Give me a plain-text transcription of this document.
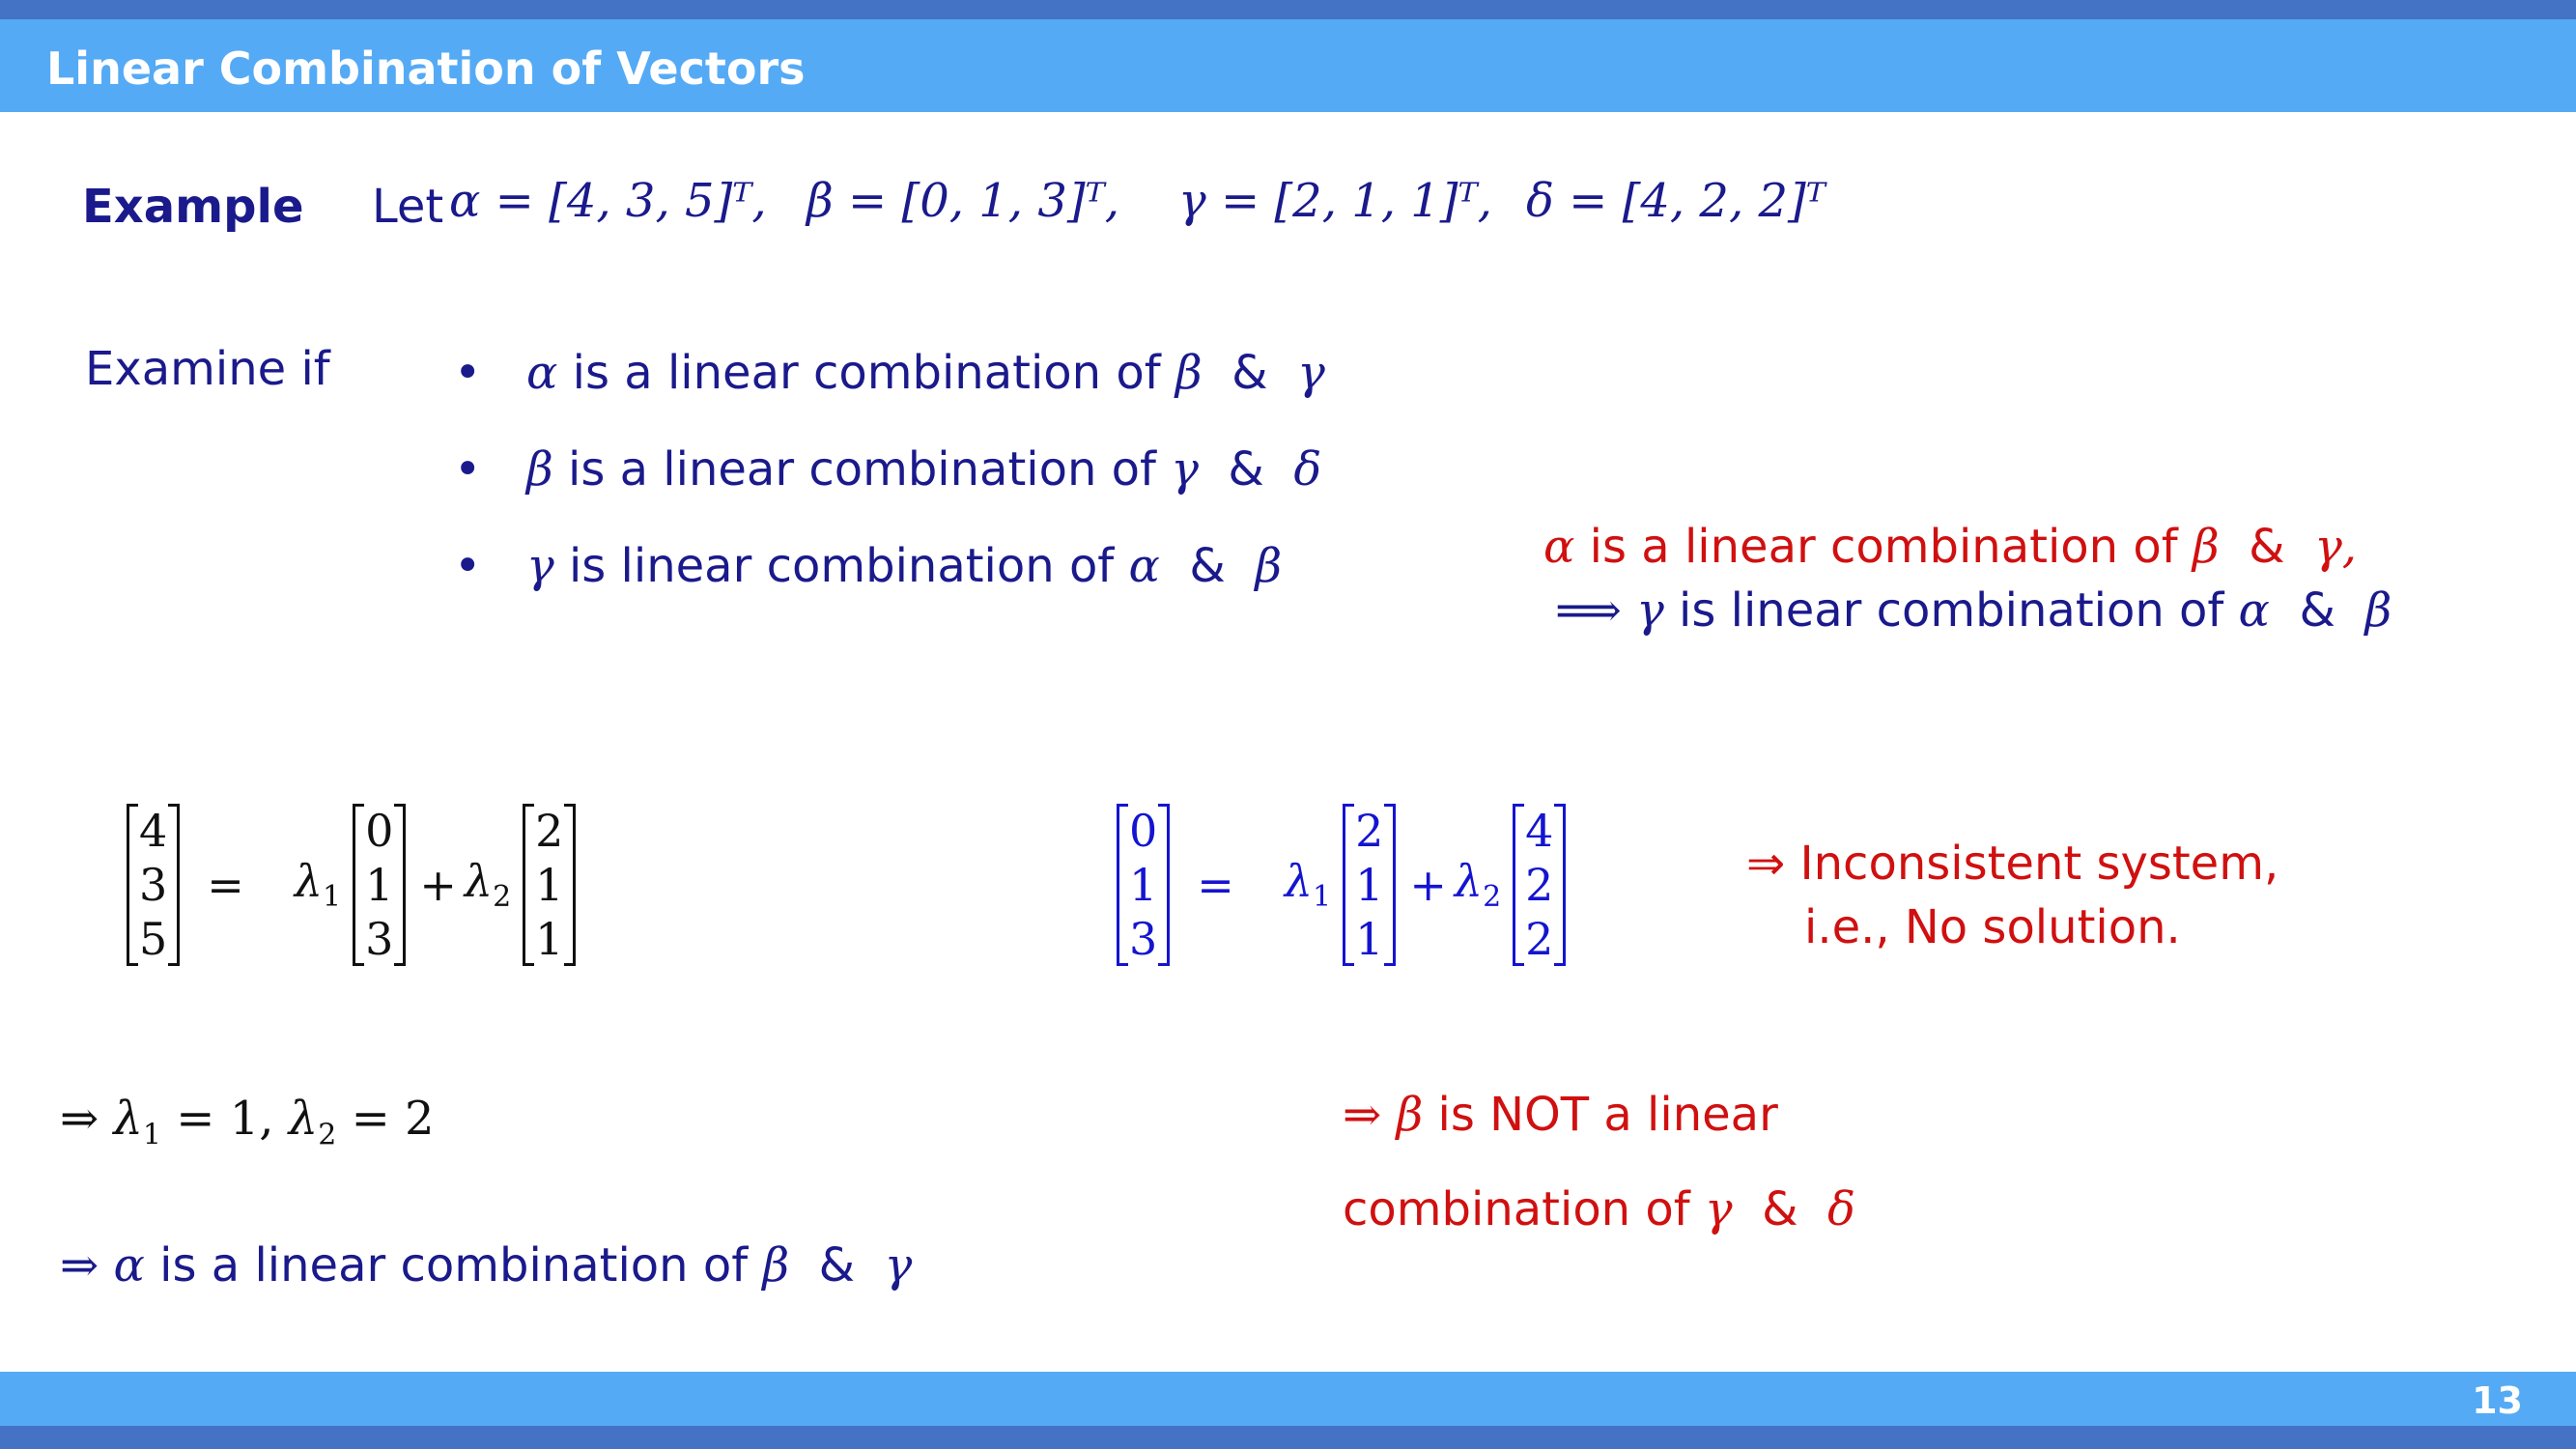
Linear Combination of Vectors
Example Let α = [4, 3, 5]ᵀ, β = [0, 1, 3]ᵀ, γ = [2, 1, 1]ᵀ, δ = [4, 2, 2]ᵀ
Examine if	• α is a linear combination of β  &  γ
• β is a linear combination of γ  &  δ
• γ is linear combination of α  &  β	α is a linear combination of β  &  γ,
⟹ γ is linear combination of α  &  β
4
3
5
= $\lambda_1$
0
1
3
+ $\lambda_2$
2
1
1
0
1
3
= $\lambda_1$
2
1
1
+ $\lambda_2$
4
2
2
⇒ Inconsistent system,
i.e., No solution.
⇒ $\lambda_1 = 1$, $\lambda_2 = 2$
⇒ α is a linear combination of β  &  γ
⇒ β is NOT a linear
combination of γ  &  δ
13
